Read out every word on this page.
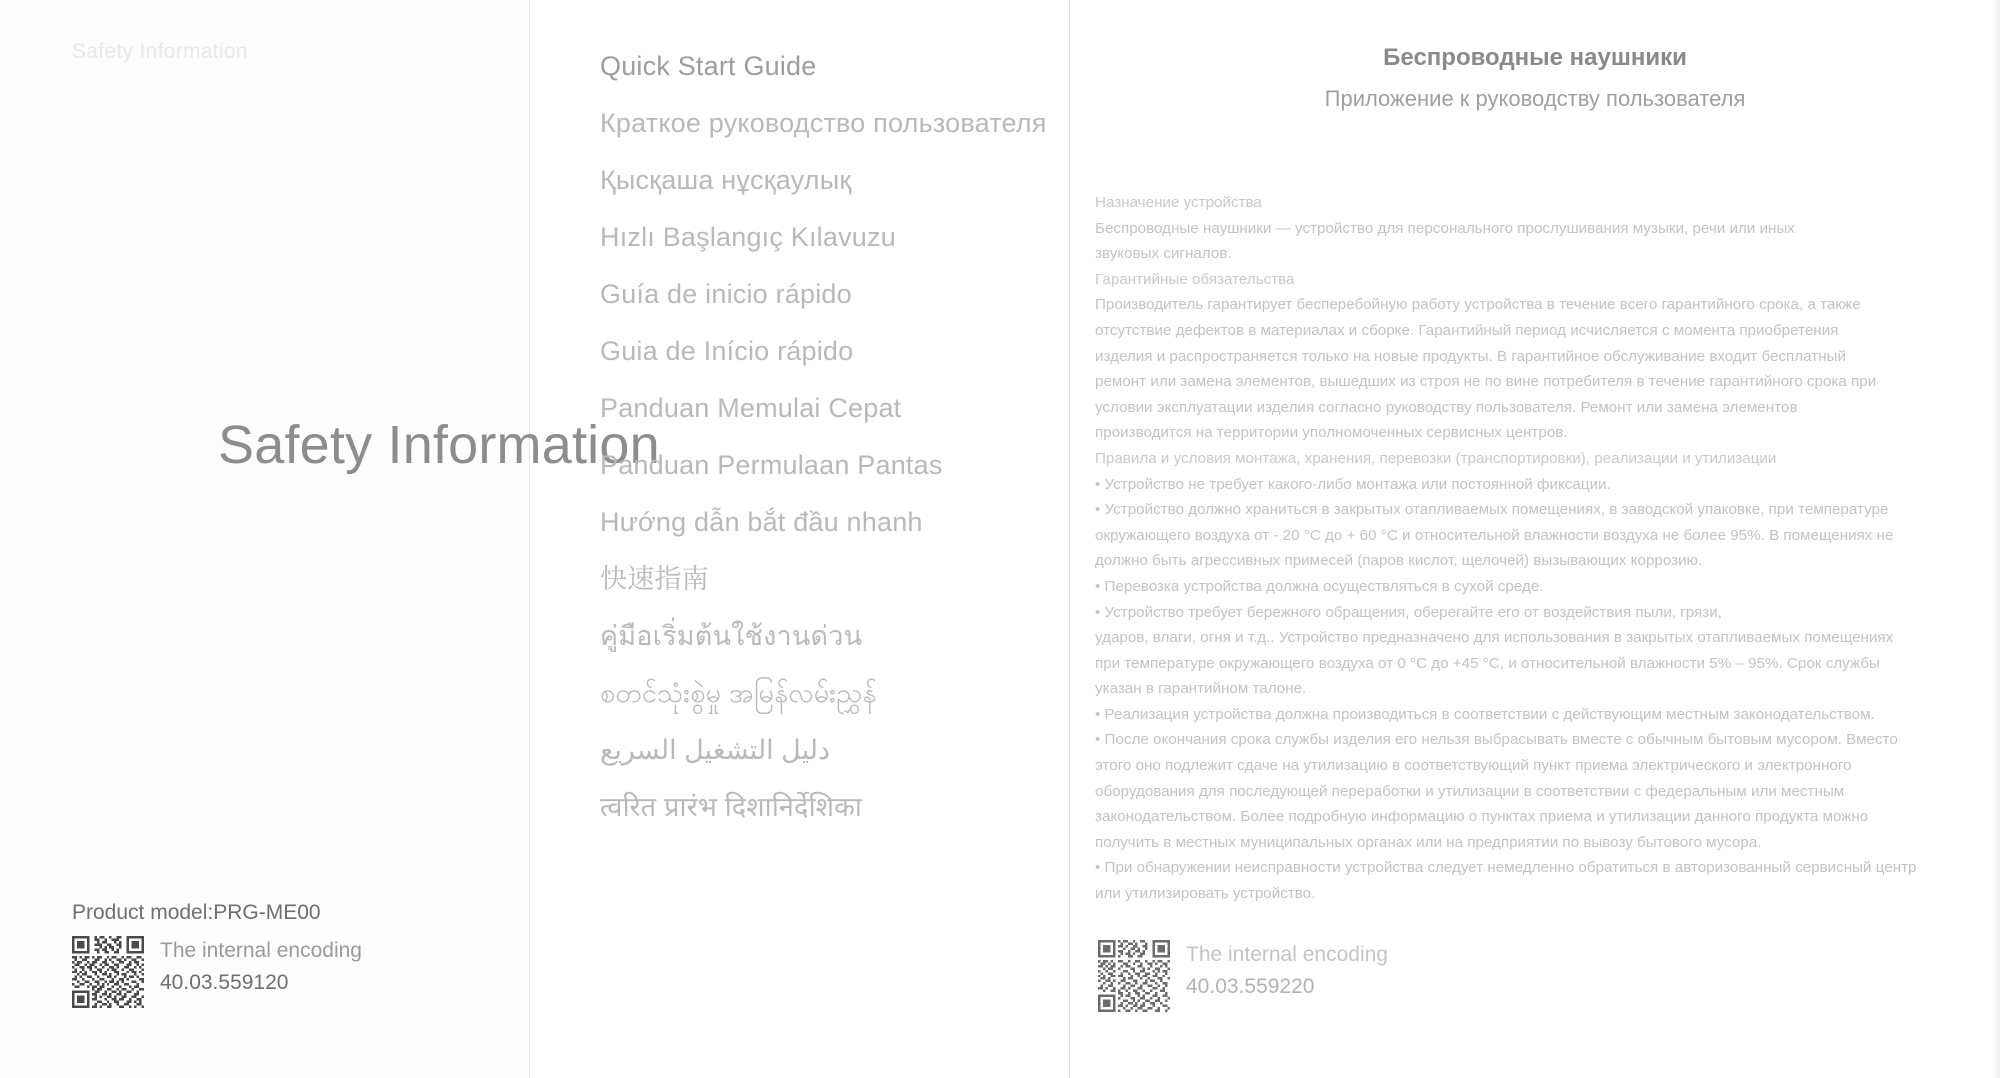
Safety Information
Safety Information
Product model:PRG-ME00
The internal encoding
40.03.559120
Quick Start Guide
Краткое руководство пользователя
Қысқаша нұсқаулық
Hızlı Başlangıç Kılavuzu
Guía de inicio rápido
Guia de Início rápido
Panduan Memulai Cepat
Panduan Permulaan Pantas
Hướng dẫn bắt đầu nhanh
快速指南
คู่มือเริ่มต้นใช้งานด่วน
စတင်သုံးစွဲမှု အမြန်လမ်းညွှန်
دليل التشغيل السريع
त्वरित प्रारंभ दिशानिर्देशिका
Беспроводные наушники
Приложение к руководству пользователя
Назначение устройства
Беспроводные наушники — устройство для персонального прослушивания музыки, речи или иных
звуковых сигналов.
Гарантийные обязательства
Производитель гарантирует бесперебойную работу устройства в течение всего гарантийного срока, а также
отсутствие дефектов в материалах и сборке. Гарантийный период исчисляется с момента приобретения
изделия и распространяется только на новые продукты. В гарантийное обслуживание входит бесплатный
ремонт или замена элементов, вышедших из строя не по вине потребителя в течение гарантийного срока при
условии эксплуатации изделия согласно руководству пользователя. Ремонт или замена элементов
производится на территории уполномоченных сервисных центров.
Правила и условия монтажа, хранения, перевозки (транспортировки), реализации и утилизации
• Устройство не требует какого-либо монтажа или постоянной фиксации.
• Устройство должно храниться в закрытых отапливаемых помещениях, в заводской упаковке, при температуре
окружающего воздуха от - 20 °C до + 60 °C и относительной влажности воздуха не более 95%. В помещениях не
должно быть агрессивных примесей (паров кислот, щелочей) вызывающих коррозию.
• Перевозка устройства должна осуществляться в сухой среде.
• Устройство требует бережного обращения, оберегайте его от воздействия пыли, грязи,
ударов, влаги, огня и т.д.. Устройство предназначено для использования в закрытых отапливаемых помещениях
при температуре окружающего воздуха от 0 °C до +45 °C, и относительной влажности 5% – 95%. Срок службы
указан в гарантийном талоне.
• Реализация устройства должна производиться в соответствии с действующим местным законодательством.
• После окончания срока службы изделия его нельзя выбрасывать вместе с обычным бытовым мусором. Вместо
этого оно подлежит сдаче на утилизацию в соответствующий пункт приема электрического и электронного
оборудования для последующей переработки и утилизации в соответствии с федеральным или местным
законодательством. Более подробную информацию о пунктах приема и утилизации данного продукта можно
получить в местных муниципальных органах или на предприятии по вывозу бытового мусора.
• При обнаружении неисправности устройства следует немедленно обратиться в авторизованный сервисный центр
или утилизировать устройство.
The internal encoding
40.03.559220
